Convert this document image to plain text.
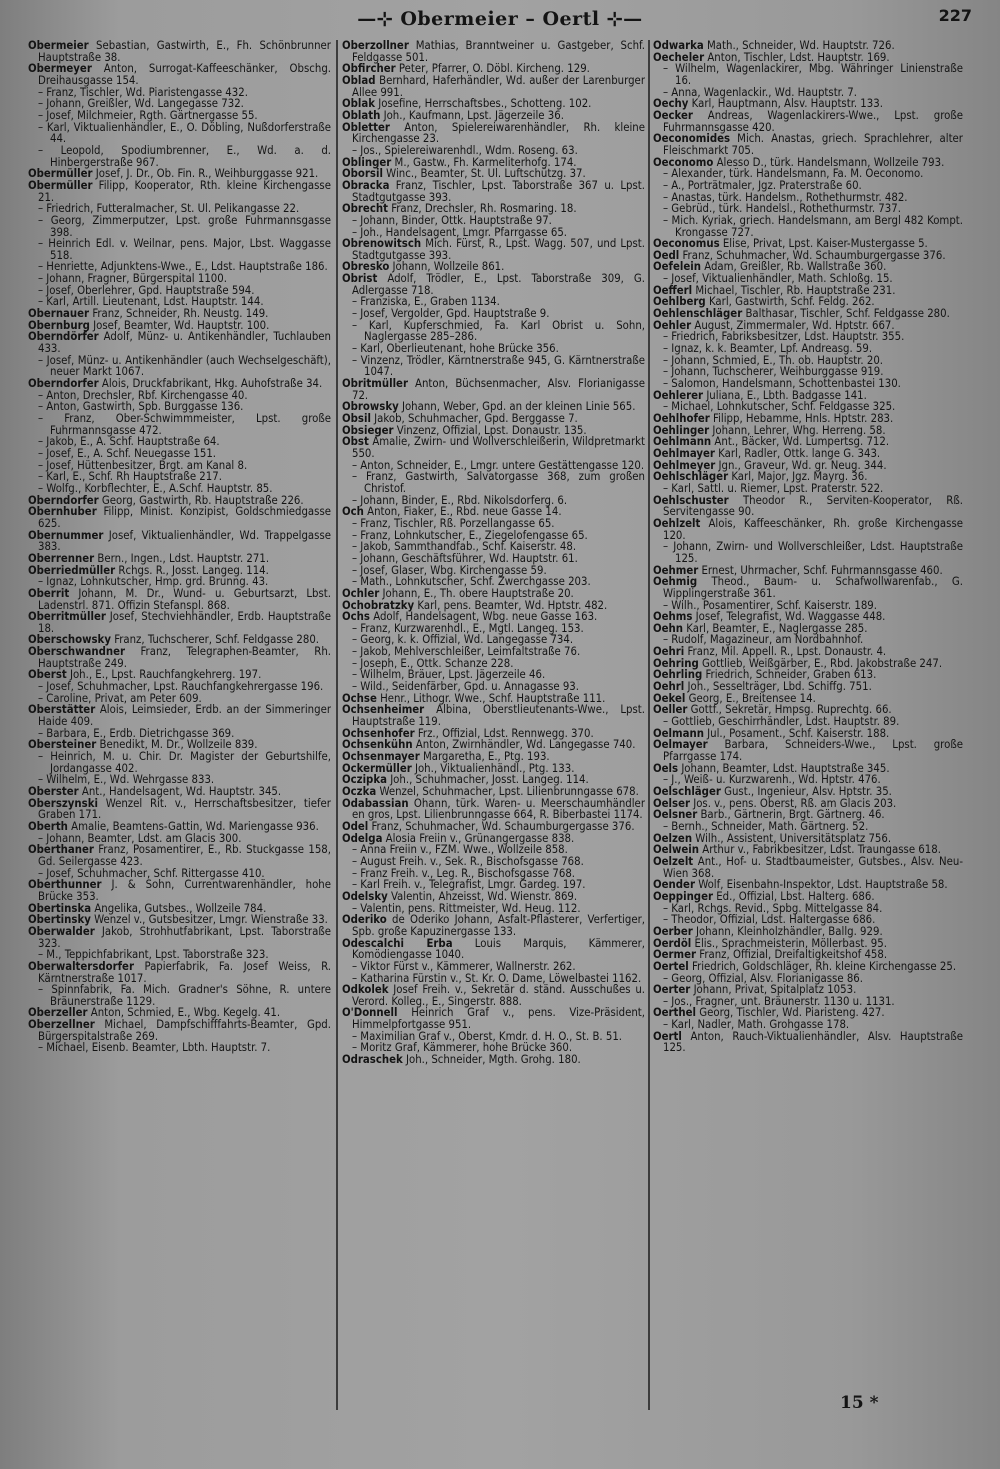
—⊹ Obermeier – Oertl ⊹—	227

Obermeier Sebastian, Gastwirth, E., Fh. Schönbrunner Hauptstraße 38.

Obermeyer Anton, Surrogat-Kaffeeschänker, Obschg. Dreihausgasse 154.

– Franz, Tischler, Wd. Piaristengasse 432.

– Johann, Greißler, Wd. Langegasse 732.

– Josef, Milchmeier, Rgth. Gärtnergasse 55.

– Karl, Viktualienhändler, E., O. Döbling, Nußdorferstraße 44.

– Leopold, Spodiumbrenner, E., Wd. a. d. Hinbergerstraße 967.

Obermüller Josef, J. Dr., Ob. Fin. R., Weihburggasse 921.

Obermüller Filipp, Kooperator, Rth. kleine Kirchengasse 21.

– Friedrich, Futteralmacher, St. Ul. Pelikangasse 22.

– Georg, Zimmerputzer, Lpst. große Fuhrmannsgasse 398.

– Heinrich Edl. v. Weilnar, pens. Major, Lbst. Waggasse 518.

– Henriette, Adjunktens-Wwe., E., Ldst. Hauptstraße 186.

– Johann, Fragner, Bürgerspital 1100.

– Josef, Oberlehrer, Gpd. Hauptstraße 594.

– Karl, Artill. Lieutenant, Ldst. Hauptstr. 144.

Obernauer Franz, Schneider, Rh. Neustg. 149.

Obernburg Josef, Beamter, Wd. Hauptstr. 100.

Oberndörfer Adolf, Münz- u. Antikenhändler, Tuchlauben 433.

– Josef, Münz- u. Antikenhändler (auch Wechselgeschäft), neuer Markt 1067.

Oberndorfer Alois, Druckfabrikant, Hkg. Auhofstraße 34.

– Anton, Drechsler, Rbf. Kirchengasse 40.

– Anton, Gastwirth, Spb. Burggasse 136.

– Franz, Ober-Schwimmmeister, Lpst. große Fuhrmannsgasse 472.

– Jakob, E., A. Schf. Hauptstraße 64.

– Josef, E., A. Schf. Neuegasse 151.

– Josef, Hüttenbesitzer, Brgt. am Kanal 8.

– Karl, E., Schf. Rh Hauptstraße 217.

– Wolfg., Korbflechter, E., A.Schf. Hauptstr. 85.

Oberndorfer Georg, Gastwirth, Rb. Hauptstraße 226.

Obernhuber Filipp, Minist. Konzipist, Goldschmiedgasse 625.

Obernummer Josef, Viktualienhändler, Wd. Trappelgasse 383.

Oberrenner Bern., Ingen., Ldst. Hauptstr. 271.

Oberriedmüller Rchgs. R., Josst. Langeg. 114.

– Ignaz, Lohnkutscher, Hmp. grd. Brunng. 43.

Oberrit Johann, M. Dr., Wund- u. Geburtsarzt, Lbst. Ladenstrl. 871. Offizin Stefanspl. 868.

Oberritmüller Josef, Stechviehhändler, Erdb. Hauptstraße 18.

Oberschowsky Franz, Tuchscherer, Schf. Feldgasse 280.

Oberschwandner Franz, Telegraphen-Beamter, Rh. Hauptstraße 249.

Oberst Joh., E., Lpst. Rauchfangkehrerg. 197.

– Josef, Schuhmacher, Lpst. Rauchfangkehrergasse 196.

– Caroline, Privat, am Peter 609.

Oberstätter Alois, Leimsieder, Erdb. an der Simmeringer Haide 409.

– Barbara, E., Erdb. Dietrichgasse 369.

Obersteiner Benedikt, M. Dr., Wollzeile 839.

– Heinrich, M. u. Chir. Dr. Magister der Geburtshilfe, Jordangasse 402.

– Wilhelm, E., Wd. Wehrgasse 833.

Oberster Ant., Handelsagent, Wd. Hauptstr. 345.

Oberszynski Wenzel Rit. v., Herrschaftsbesitzer, tiefer Graben 171.

Oberth Amalie, Beamtens-Gattin, Wd. Mariengasse 936.

– Johann, Beamter, Ldst. am Glacis 300.

Oberthaner Franz, Posamentirer, E., Rb. Stuckgasse 158, Gd. Seilergasse 423.

– Josef, Schuhmacher, Schf. Rittergasse 410.

Oberthunner J. & Sohn, Currentwarenhändler, hohe Brücke 353.

Obertinska Angelika, Gutsbes., Wollzeile 784.

Obertinsky Wenzel v., Gutsbesitzer, Lmgr. Wienstraße 33.

Oberwalder Jakob, Strohhutfabrikant, Lpst. Taborstraße 323.

– M., Teppichfabrikant, Lpst. Taborstraße 323.

Oberwaltersdorfer Papierfabrik, Fa. Josef Weiss, R. Kärntnerstraße 1017.

– Spinnfabrik, Fa. Mich. Gradner's Söhne, R. untere Bräunerstraße 1129.

Oberzeller Anton, Schmied, E., Wbg. Kegelg. 41.

Oberzellner Michael, Dampfschifffahrts-Beamter, Gpd. Bürgerspitalstraße 269.

– Michael, Eisenb. Beamter, Lbth. Hauptstr. 7.

Oberzollner Mathias, Branntweiner u. Gastgeber, Schf. Feldgasse 501.

Obfircher Peter, Pfarrer, O. Döbl. Kircheng. 129.

Oblad Bernhard, Haferhändler, Wd. außer der Larenburger Allee 991.

Oblak Josefine, Herrschaftsbes., Schotteng. 102.

Oblath Joh., Kaufmann, Lpst. Jägerzeile 36.

Obletter Anton, Spielereiwarenhändler, Rh. kleine Kirchengasse 23.

– Jos., Spielereiwarenhdl., Wdm. Roseng. 63.

Oblinger M., Gastw., Fh. Karmeliterhofg. 174.

Oborsil Winc., Beamter, St. Ul. Luftschützg. 37.

Obracka Franz, Tischler, Lpst. Taborstraße 367 u. Lpst. Stadtgutgasse 393.

Obrecht Franz, Drechsler, Rh. Rosmaring. 18.

– Johann, Binder, Ottk. Hauptstraße 97.

– Joh., Handelsagent, Lmgr. Pfarrgasse 65.

Obrenowitsch Mich. Fürst, R., Lpst. Wagg. 507, und Lpst. Stadtgutgasse 393.

Obresko Johann, Wollzeile 861.

Obrist Adolf, Trödler, E., Lpst. Taborstraße 309, G. Adlergasse 718.

– Franziska, E., Graben 1134.

– Josef, Vergolder, Gpd. Hauptstraße 9.

– Karl, Kupferschmied, Fa. Karl Obrist u. Sohn, Naglergasse 285–286.

– Karl, Oberlieutenant, hohe Brücke 356.

– Vinzenz, Trödler, Kärntnerstraße 945, G. Kärntnerstraße 1047.

Obritmüller Anton, Büchsenmacher, Alsv. Florianigasse 72.

Obrowsky Johann, Weber, Gpd. an der kleinen Linie 565.

Obsil Jakob, Schuhmacher, Gpd. Berggasse 7.

Obsieger Vinzenz, Offizial, Lpst. Donaustr. 135.

Obst Amalie, Zwirn- und Wollverschleißerin, Wildpretmarkt 550.

– Anton, Schneider, E., Lmgr. untere Gestättengasse 120.

– Franz, Gastwirth, Salvatorgasse 368, zum großen Christof.

– Johann, Binder, E., Rbd. Nikolsdorferg. 6.

Och Anton, Fiaker, E., Rbd. neue Gasse 14.

– Franz, Tischler, Rß. Porzellangasse 65.

– Franz, Lohnkutscher, E., Ziegelofengasse 65.

– Jakob, Sammthandfab., Schf. Kaiserstr. 48.

– Johann, Geschäftsführer, Wd. Hauptstr. 61.

– Josef, Glaser, Wbg. Kirchengasse 59.

– Math., Lohnkutscher, Schf. Zwerchgasse 203.

Ochler Johann, E., Th. obere Hauptstraße 20.

Ochobratzky Karl, pens. Beamter, Wd. Hptstr. 482.

Ochs Adolf, Handelsagent, Wbg. neue Gasse 163.

– Franz, Kurzwarenhdl., E., Mgtl. Langeg. 153.

– Georg, k. k. Offizial, Wd. Langegasse 734.

– Jakob, Mehlverschleißer, Leimfaltstraße 76.

– Joseph, E., Ottk. Schanze 228.

– Wilhelm, Bräuer, Lpst. Jägerzeile 46.

– Wild., Seidenfärber, Gpd. u. Annagasse 93.

Ochse Henr., Lithogr. Wwe., Schf. Hauptstraße 111.

Ochsenheimer Albina, Oberstlieutenants-Wwe., Lpst. Hauptstraße 119.

Ochsenhofer Frz., Offizial, Ldst. Rennwegg. 370.

Ochsenkühn Anton, Zwirnhändler, Wd. Langegasse 740.

Ochsenmayer Margaretha, E., Ptg. 193.

Ockermüller Joh., Viktualienhändl., Ptg. 133.

Oczipka Joh., Schuhmacher, Josst. Langeg. 114.

Oczka Wenzel, Schuhmacher, Lpst. Lilienbrunngasse 678.

Odabassian Ohann, türk. Waren- u. Meerschaumhändler en gros, Lpst. Lilienbrunngasse 664, R. Biberbastei 1174.

Odel Franz, Schuhmacher, Wd. Schaumburgergasse 376.

Odelga Alosia Freiin v., Grünangergasse 838.

– Anna Freiin v., FZM. Wwe., Wollzeile 858.

– August Freih. v., Sek. R., Bischofsgasse 768.

– Franz Freih. v., Leg. R., Bischofsgasse 768.

– Karl Freih. v., Telegrafist, Lmgr. Gardeg. 197.

Odelsky Valentin, Ahzeisst, Wd. Wienstr. 869.

– Valentin, pens. Rittmeister, Wd. Heug. 112.

Oderiko de Oderiko Johann, Asfalt-Pflasterer, Verfertiger, Spb. große Kapuzinergasse 133.

Odescalchi Erba Louis Marquis, Kämmerer, Komödiengasse 1040.

– Viktor Fürst v., Kämmerer, Wallnerstr. 262.

– Katharina Fürstin v., St. Kr. O. Dame, Löwelbastei 1162.

Odkolek Josef Freih. v., Sekretär d. ständ. Ausschußes u. Verord. Kolleg., E., Singerstr. 888.

O'Donnell Heinrich Graf v., pens. Vize-Präsident, Himmelpfortgasse 951.

– Maximilian Graf v., Oberst, Kmdr. d. H. O., St. B. 51.

– Moritz Graf, Kämmerer, hohe Brücke 360.

Odraschek Joh., Schneider, Mgth. Grohg. 180.

Odwarka Math., Schneider, Wd. Hauptstr. 726.

Oecheler Anton, Tischler, Ldst. Hauptstr. 169.

– Wilhelm, Wagenlackirer, Mbg. Währinger Linienstraße 16.

– Anna, Wagenlackir., Wd. Hauptstr. 7.

Oechy Karl, Hauptmann, Alsv. Hauptstr. 133.

Oecker Andreas, Wagenlackirers-Wwe., Lpst. große Fuhrmannsgasse 420.

Oeconomides Mich. Anastas, griech. Sprachlehrer, alter Fleischmarkt 705.

Oeconomo Alesso D., türk. Handelsmann, Wollzeile 793.

– Alexander, türk. Handelsmann, Fa. M. Oeconomo.

– A., Porträtmaler, Jgz. Praterstraße 60.

– Anastas, türk. Handelsm., Rothethurmstr. 482.

– Gebrüd., türk. Handelsl., Rothethurmstr. 737.

– Mich. Kyriak, griech. Handelsmann, am Bergl 482 Kompt. Krongasse 727.

Oeconomus Elise, Privat, Lpst. Kaiser-Mustergasse 5.

Oedl Franz, Schuhmacher, Wd. Schaumburgergasse 376.

Oefelein Adam, Greißler, Rb. Wallstraße 360.

– Josef, Viktualienhändler, Math. Schloßg. 15.

Oefferl Michael, Tischler, Rb. Hauptstraße 231.

Oehlberg Karl, Gastwirth, Schf. Feldg. 262.

Oehlenschläger Balthasar, Tischler, Schf. Feldgasse 280.

Oehler August, Zimmermaler, Wd. Hptstr. 667.

– Friedrich, Fabriksbesitzer, Ldst. Hauptstr. 355.

– Ignaz, k. k. Beamter, Lpf. Andreasg. 59.

– Johann, Schmied, E., Th. ob. Hauptstr. 20.

– Johann, Tuchscherer, Weihburggasse 919.

– Salomon, Handelsmann, Schottenbastei 130.

Oehlerer Juliana, E., Lbth. Badgasse 141.

– Michael, Lohnkutscher, Schf. Feldgasse 325.

Oehlhofer Filipp, Hebamme, Hnls. Hptstr. 283.

Oehlinger Johann, Lehrer, Whg. Herreng. 58.

Oehlmann Ant., Bäcker, Wd. Lumpertsg. 712.

Oehlmayer Karl, Radler, Ottk. lange G. 343.

Oehlmeyer Jgn., Graveur, Wd. gr. Neug. 344.

Oehlschläger Karl, Major, Jgz. Mayrg. 36.

– Karl, Sattl. u. Riemer, Lpst. Praterstr. 522.

Oehlschuster Theodor R., Serviten-Kooperator, Rß. Servitengasse 90.

Oehlzelt Alois, Kaffeeschänker, Rh. große Kirchengasse 120.

– Johann, Zwirn- und Wollverschleißer, Ldst. Hauptstraße 125.

Oehmer Ernest, Uhrmacher, Schf. Fuhrmannsgasse 460.

Oehmig Theod., Baum- u. Schafwollwarenfab., G. Wipplingerstraße 361.

– Wilh., Posamentirer, Schf. Kaiserstr. 189.

Oehms Josef, Telegrafist, Wd. Waggasse 448.

Oehn Karl, Beamter, E., Naglergasse 285.

– Rudolf, Magazineur, am Nordbahnhof.

Oehri Franz, Mil. Appell. R., Lpst. Donaustr. 4.

Oehring Gottlieb, Weißgärber, E., Rbd. Jakobstraße 247.

Oehrling Friedrich, Schneider, Graben 613.

Oehrl Joh., Sesselträger, Lbd. Schiffg. 751.

Oekel Georg, E., Breitensee 14.

Oeller Gottf., Sekretär, Hmpsg. Ruprechtg. 66.

– Gottlieb, Geschirrhändler, Ldst. Hauptstr. 89.

Oelmann Jul., Posament., Schf. Kaiserstr. 188.

Oelmayer Barbara, Schneiders-Wwe., Lpst. große Pfarrgasse 174.

Oels Johann, Beamter, Ldst. Hauptstraße 345.

– J., Weiß- u. Kurzwarenh., Wd. Hptstr. 476.

Oelschläger Gust., Ingenieur, Alsv. Hptstr. 35.

Oelser Jos. v., pens. Oberst, Rß. am Glacis 203.

Oelsner Barb., Gärtnerin, Brgt. Gärtnerg. 46.

– Bernh., Schneider, Math. Gärtnerg. 52.

Oelzen Wilh., Assistent, Universitätsplatz 756.

Oelwein Arthur v., Fabrikbesitzer, Ldst. Traungasse 618.

Oelzelt Ant., Hof- u. Stadtbaumeister, Gutsbes., Alsv. Neu-Wien 368.

Oender Wolf, Eisenbahn-Inspektor, Ldst. Hauptstraße 58.

Oeppinger Ed., Offizial, Lbst. Halterg. 686.

– Karl, Rchgs. Revid., Spbg. Mittelgasse 84.

– Theodor, Offizial, Ldst. Haltergasse 686.

Oerber Johann, Kleinholzhändler, Ballg. 929.

Oerdöl Elis., Sprachmeisterin, Möllerbast. 95.

Oermer Franz, Offizial, Dreifaltigkeitshof 458.

Oertel Friedrich, Goldschläger, Rh. kleine Kirchengasse 25.

– Georg, Offizial, Alsv. Florianigasse 86.

Oerter Johann, Privat, Spitalplatz 1053.

– Jos., Fragner, unt. Bräunerstr. 1130 u. 1131.

Oerthel Georg, Tischler, Wd. Piaristeng. 427.

– Karl, Nadler, Math. Grohgasse 178.

Oertl Anton, Rauch-Viktualienhändler, Alsv. Hauptstraße 125.

15 *
